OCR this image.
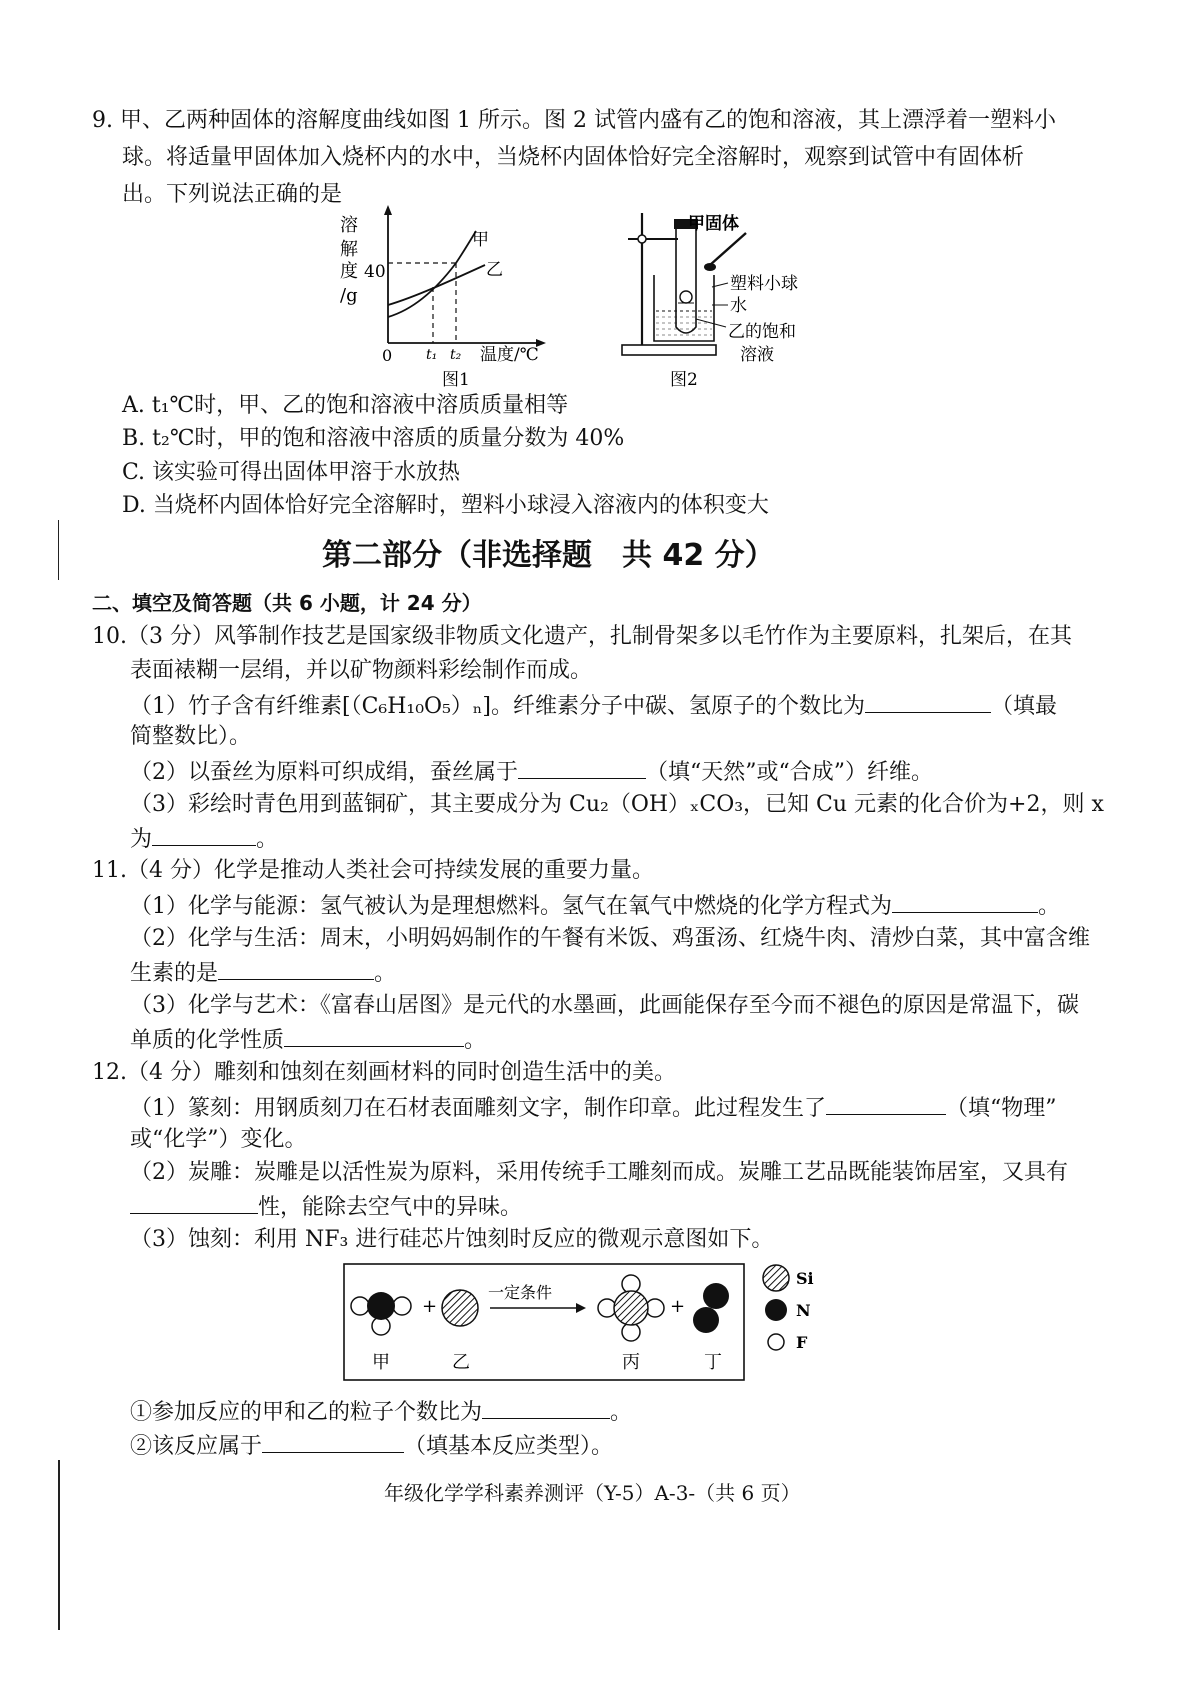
9. 甲、乙两种固体的溶解度曲线如图 1 所示。图 2 试管内盛有乙的饱和溶液，其上漂浮着一塑料小
球。将适量甲固体加入烧杯内的水中，当烧杯内固体恰好完全溶解时，观察到试管中有固体析
出。下列说法正确的是
溶
解
度
/g
40
0 t₁ t₂ 温度/℃
甲
乙
图1
甲固体
塑料小球
水
乙的饱和
溶液
图2
A. t₁℃时，甲、乙的饱和溶液中溶质质量相等
B. t₂℃时，甲的饱和溶液中溶质的质量分数为 40%
C. 该实验可得出固体甲溶于水放热
D. 当烧杯内固体恰好完全溶解时，塑料小球浸入溶液内的体积变大
第二部分（非选择题　共 42 分）
二、填空及简答题（共 6 小题，计 24 分）
10.（3 分）风筝制作技艺是国家级非物质文化遗产，扎制骨架多以毛竹作为主要原料，扎架后，在其
表面裱糊一层绢，并以矿物颜料彩绘制作而成。
（1）竹子含有纤维素[（C₆H₁₀O₅）ₙ]。纤维素分子中碳、氢原子的个数比为	（填最
简整数比）。
（2）以蚕丝为原料可织成绢，蚕丝属于	（填“天然”或“合成”）纤维。
（3）彩绘时青色用到蓝铜矿，其主要成分为 Cu₂（OH）ₓCO₃，已知 Cu 元素的化合价为+2，则 x
为	。
11.（4 分）化学是推动人类社会可持续发展的重要力量。
（1）化学与能源：氢气被认为是理想燃料。氢气在氧气中燃烧的化学方程式为	。
（2）化学与生活：周末，小明妈妈制作的午餐有米饭、鸡蛋汤、红烧牛肉、清炒白菜，其中富含维
生素的是	。
（3）化学与艺术：《富春山居图》是元代的水墨画，此画能保存至今而不褪色的原因是常温下，碳
单质的化学性质	。
12.（4 分）雕刻和蚀刻在刻画材料的同时创造生活中的美。
（1）篆刻：用钢质刻刀在石材表面雕刻文字，制作印章。此过程发生了	（填“物理”
或“化学”）变化。
（2）炭雕：炭雕是以活性炭为原料，采用传统手工雕刻而成。炭雕工艺品既能装饰居室，又具有
性，能除去空气中的异味。
（3）蚀刻：利用 NF₃ 进行硅芯片蚀刻时反应的微观示意图如下。
+	+
一定条件
甲	乙	丙	丁
Si
N
F
①参加反应的甲和乙的粒子个数比为	。
②该反应属于	（填基本反应类型）。
年级化学学科素养测评（Y-5）A-3-（共 6 页）
